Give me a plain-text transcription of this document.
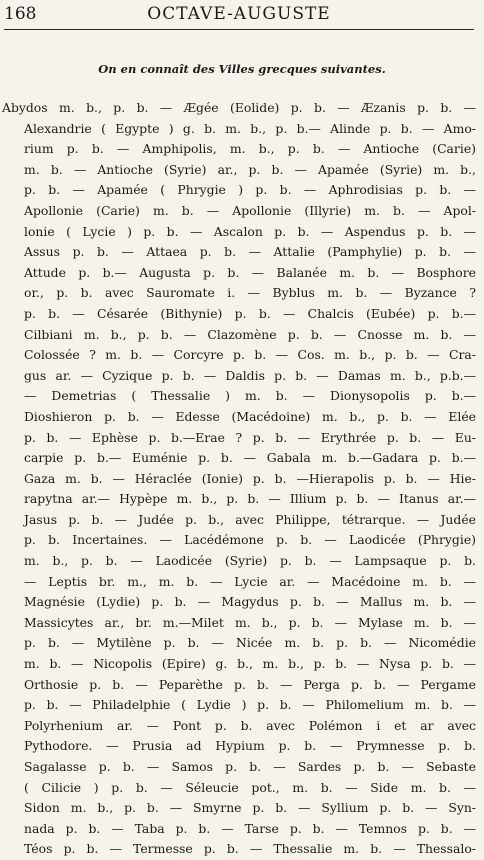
168	OCTAVE-AUGUSTE
On en connaît des Villes grecques suivantes.
Abydos m. b., p. b. — Ægée (Eolide) p. b. — Æzanis p. b. —
Alexandrie ( Egypte ) g. b. m. b., p. b.— Alinde p. b. — Amo-
rium p. b. — Amphipolis, m. b., p. b. — Antioche (Carie)
m. b. — Antioche (Syrie) ar., p. b. — Apamée (Syrie) m. b.,
p. b. — Apamée ( Phrygie ) p. b. — Aphrodisias p. b. —
Apollonie (Carie) m. b. — Apollonie (Illyrie) m. b. — Apol-
lonie ( Lycie ) p. b. — Ascalon p. b. — Aspendus p. b. —
Assus p. b. — Attaea p. b. — Attalie (Pamphylie) p. b. —
Attude p. b.— Augusta p. b. — Balanée m. b. — Bosphore
or., p. b. avec Sauromate i. — Byblus m. b. — Byzance ?
p. b. — Césarée (Bithynie) p. b. — Chalcis (Eubée) p. b.—
Cilbiani m. b., p. b. — Clazomène p. b. — Cnosse m. b. —
Colossée ? m. b. — Corcyre p. b. — Cos. m. b., p. b. — Cra-
gus ar. — Cyzique p. b. — Daldis p. b. — Damas m. b., p.b.—
— Demetrias ( Thessalie ) m. b. — Dionysopolis p. b.—
Dioshieron p. b. — Edesse (Macédoine) m. b., p. b. — Elée
p. b. — Ephèse p. b.—Erae ? p. b. — Erythrée p. b. — Eu-
carpie p. b.— Euménie p. b. — Gabala m. b.—Gadara p. b.—
Gaza m. b. — Héraclée (Ionie) p. b. —Hierapolis p. b. — Hie-
rapytna ar.— Hypèpe m. b., p. b. — Illium p. b. — Itanus ar.—
Jasus p. b. — Judée p. b., avec Philippe, tétrarque. — Judée
p. b. Incertaines. — Lacédémone p. b. — Laodicée (Phrygie)
m. b., p. b. — Laodicée (Syrie) p. b. — Lampsaque p. b.
— Leptis br. m., m. b. — Lycie ar. — Macédoine m. b. —
Magnésie (Lydie) p. b. — Magydus p. b. — Mallus m. b. —
Massicytes ar., br. m.—Milet m. b., p. b. — Mylase m. b. —
p. b. — Mytilène p. b. — Nicée m. b. p. b. — Nicomédie
m. b. — Nicopolis (Epire) g. b., m. b., p. b. — Nysa p. b. —
Orthosie p. b. — Peparèthe p. b. — Perga p. b. — Pergame
p. b. — Philadelphie ( Lydie ) p. b. — Philomelium m. b. —
Polyrhenium ar. — Pont p. b. avec Polémon i et ar avec
Pythodore. — Prusia ad Hypium p. b. — Prymnesse p. b.
Sagalasse p. b. — Samos p. b. — Sardes p. b. — Sebaste
( Cilicie ) p. b. — Séleucie pot., m. b. — Side m. b. —
Sidon m. b., p. b. — Smyrne p. b. — Syllium p. b. — Syn-
nada p. b. — Taba p. b. — Tarse p. b. — Temnos p. b. —
Téos p. b. — Termesse p. b. — Thessalie m. b. — Thessalo-
